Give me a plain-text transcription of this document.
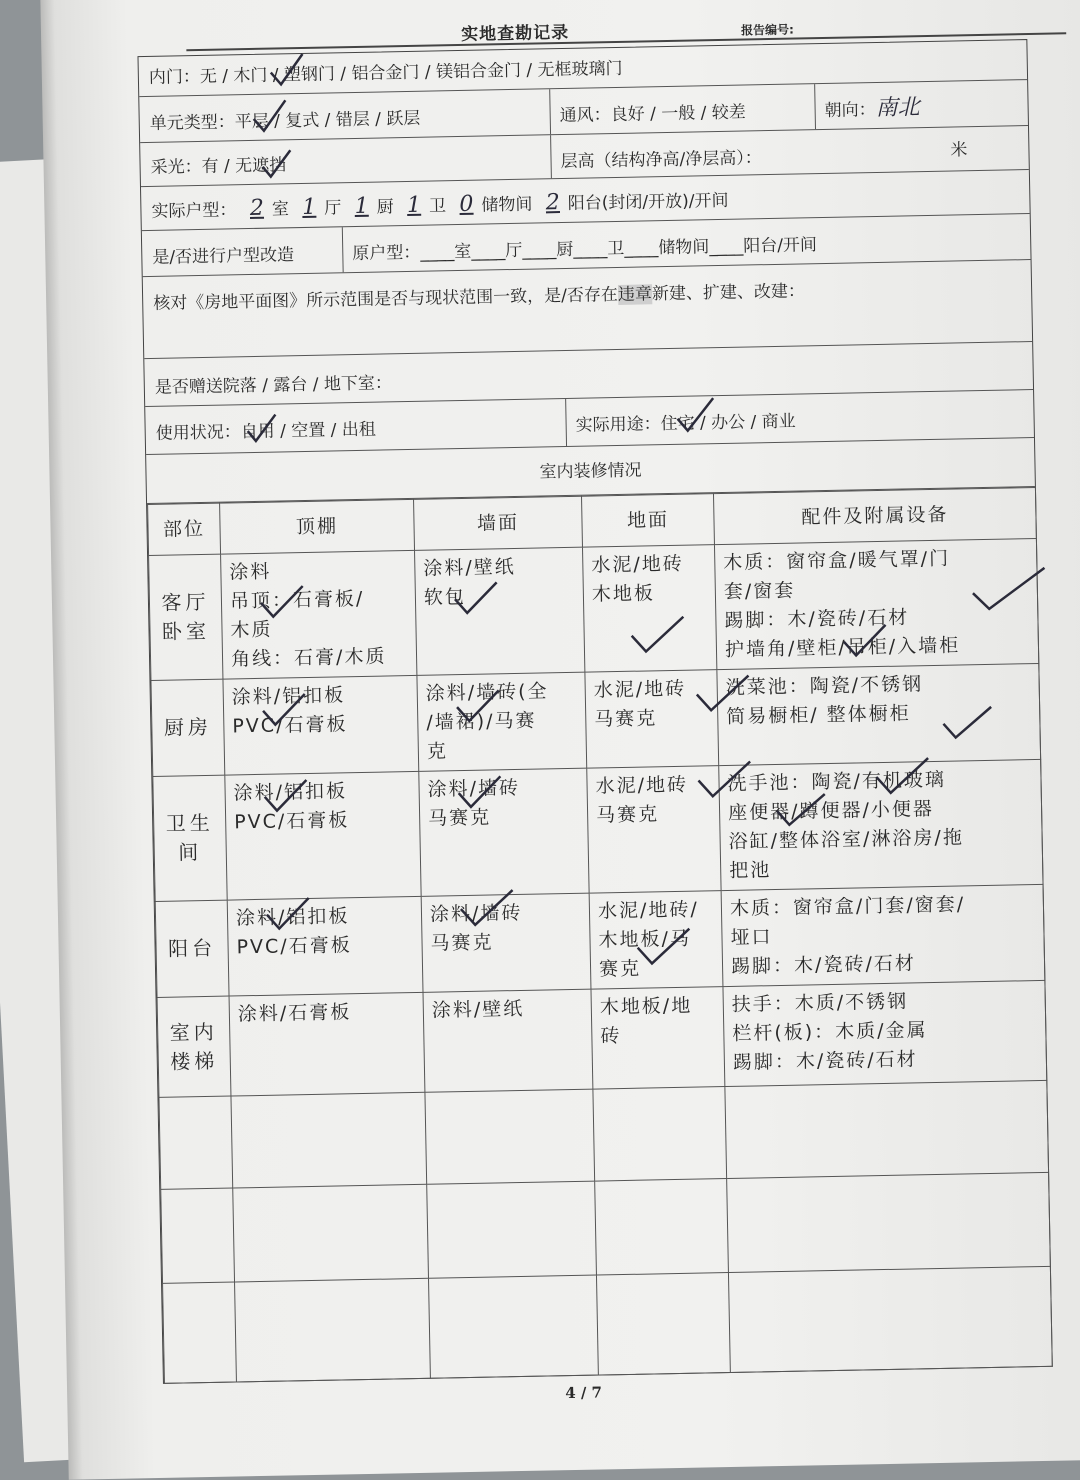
实地查勘记录	报告编号:
内门：无 / 木门 / 塑钢门 / 铝合金门 / 镁铝合金门 / 无框玻璃门
单元类型：平层 / 复式 / 错层 / 跃层	通风：良好 / 一般 / 较差	朝向：南北
采光：有 / 无遮挡	层高（结构净高/净层高）：	米
实际户型： 2 室 1 厅 1 厨 1 卫 0 储物间 2 阳台(封闭/开放)/开间
是/否进行户型改造	原户型：____室____厅____厨____卫____储物间____阳台/开间
核对《房地平面图》所示范围是否与现状范围一致，是/否存在违章新建、扩建、改建：
是否赠送院落 / 露台 / 地下室：
使用状况：自用 / 空置 / 出租	实际用途：住宅 / 办公 / 商业
室内装修情况
部位	顶棚	墙面	地面	配件及附属设备
客厅卧室	涂料
吊顶：石膏板/
木质
角线：石膏/木质	涂料/壁纸
软包	水泥/地砖
木地板	木质：窗帘盒/暖气罩/门
套/窗套
踢脚：木/瓷砖/石材
护墙角/壁柜/吊柜/入墙柜

厨房	涂料/铝扣板
PVC/石膏板	涂料/墙砖(全
/墙裙)/马赛
克	水泥/地砖
马赛克	洗菜池：陶瓷/不锈钢
简易橱柜/ 整体橱柜

卫生间	涂料/铝扣板
PVC/石膏板	涂料/墙砖
马赛克	水泥/地砖
马赛克	洗手池：陶瓷/有机玻璃
座便器/蹲便器/小便器
浴缸/整体浴室/淋浴房/拖
把池

阳台	涂料/铝扣板
PVC/石膏板	涂料/墙砖
马赛克	水泥/地砖/
木地板/马
赛克	木质：窗帘盒/门套/窗套/
垭口
踢脚：木/瓷砖/石材

室内楼梯	涂料/石膏板	涂料/壁纸	木地板/地
砖	扶手：木质/不锈钢
栏杆(板)：木质/金属
踢脚：木/瓷砖/石材

4 / 7
